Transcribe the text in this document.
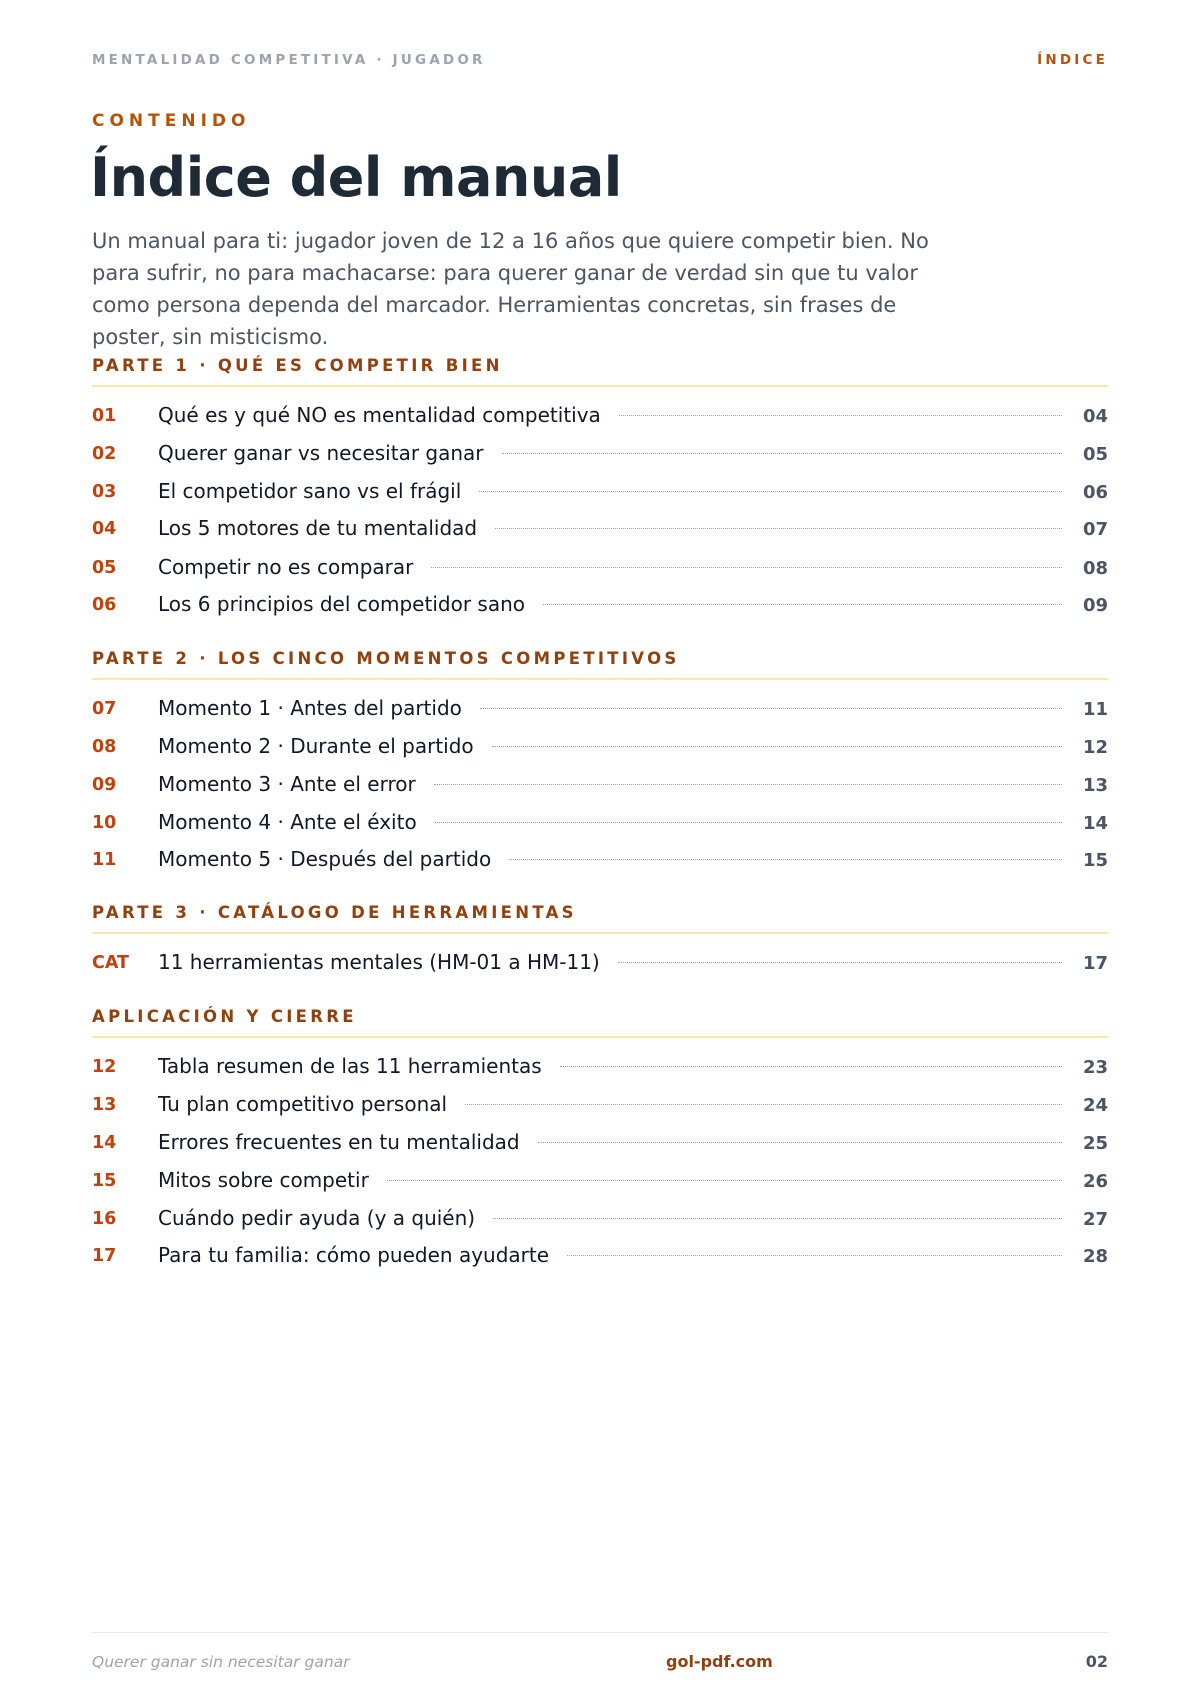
MENTALIDAD COMPETITIVA · JUGADOR	ÍNDICE
CONTENIDO
Índice del manual

Un manual para ti: jugador joven de 12 a 16 años que quiere competir bien. No para sufrir, no para machacarse: para querer ganar de verdad sin que tu valor como persona dependa del marcador. Herramientas concretas, sin frases de poster, sin misticismo.

PARTE 1 · QUÉ ES COMPETIR BIEN
01 Qué es y qué NO es mentalidad competitiva	04
02 Querer ganar vs necesitar ganar	05
03 El competidor sano vs el frágil	06
04 Los 5 motores de tu mentalidad	07
05 Competir no es comparar	08
06 Los 6 principios del competidor sano	09
PARTE 2 · LOS CINCO MOMENTOS COMPETITIVOS
07 Momento 1 · Antes del partido	11
08 Momento 2 · Durante el partido	12
09 Momento 3 · Ante el error	13
10 Momento 4 · Ante el éxito	14
11 Momento 5 · Después del partido	15
PARTE 3 · CATÁLOGO DE HERRAMIENTAS
CAT 11 herramientas mentales (HM-01 a HM-11)	17
APLICACIÓN Y CIERRE
12 Tabla resumen de las 11 herramientas	23
13 Tu plan competitivo personal	24
14 Errores frecuentes en tu mentalidad	25
15 Mitos sobre competir	26
16 Cuándo pedir ayuda (y a quién)	27
17 Para tu familia: cómo pueden ayudarte	28
Querer ganar sin necesitar ganar	gol-pdf.com	02
